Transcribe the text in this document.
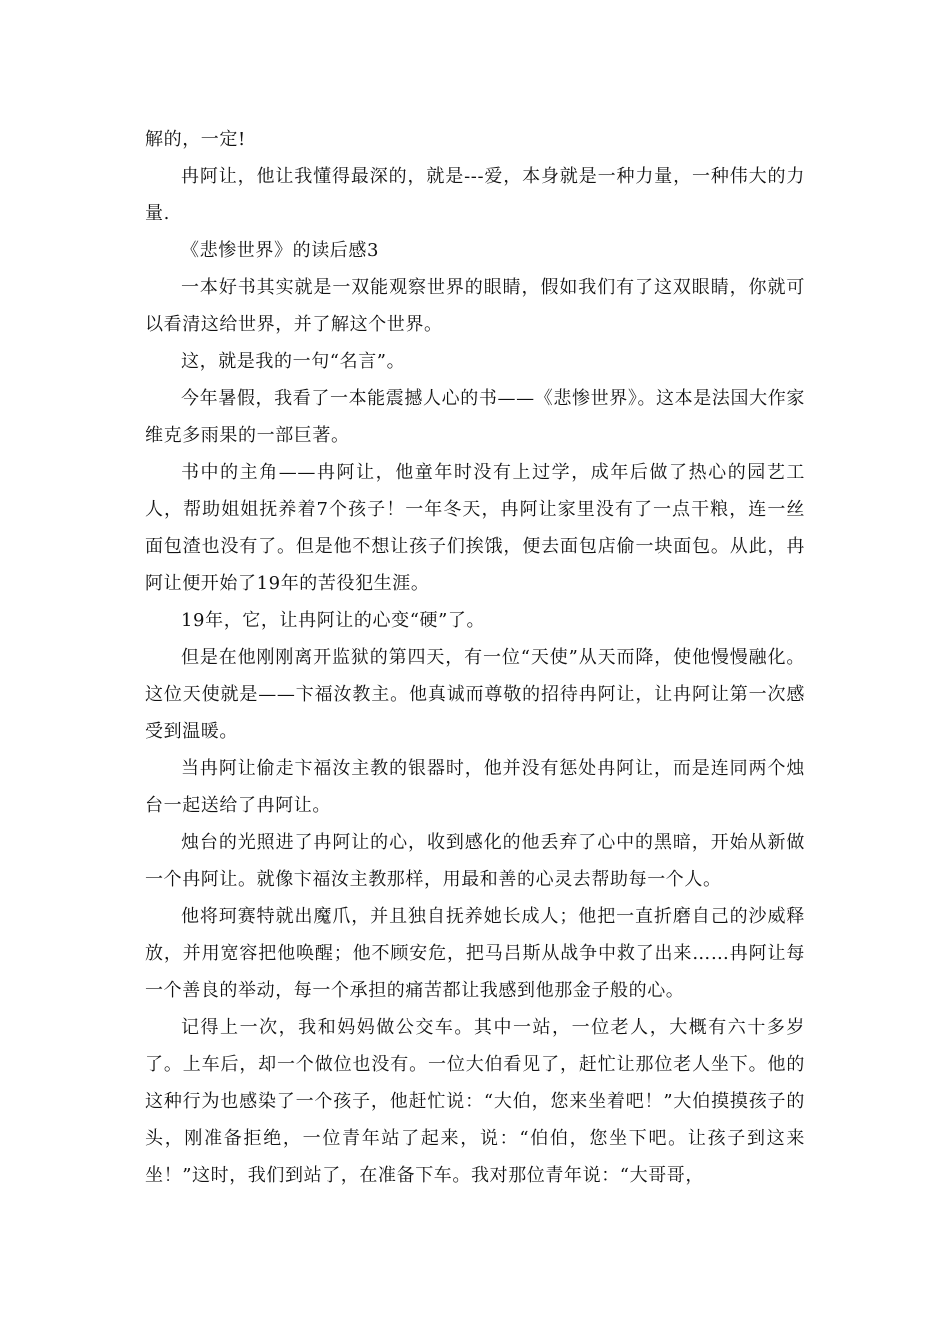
解的，一定!

冉阿让，他让我懂得最深的，就是---爱，本身就是一种力量，一种伟大的力量.

《悲惨世界》的读后感3

一本好书其实就是一双能观察世界的眼睛，假如我们有了这双眼睛，你就可以看清这给世界，并了解这个世界。

这，就是我的一句“名言”。

今年暑假，我看了一本能震撼人心的书——《悲惨世界》。这本是法国大作家维克多雨果的一部巨著。

书中的主角——冉阿让，他童年时没有上过学，成年后做了热心的园艺工人，帮助姐姐抚养着7个孩子！一年冬天，冉阿让家里没有了一点干粮，连一丝面包渣也没有了。但是他不想让孩子们挨饿，便去面包店偷一块面包。从此，冉阿让便开始了19年的苦役犯生涯。

19年，它，让冉阿让的心变“硬”了。

但是在他刚刚离开监狱的第四天，有一位“天使”从天而降，使他慢慢融化。这位天使就是——卞福汝教主。他真诚而尊敬的招待冉阿让，让冉阿让第一次感受到温暖。

当冉阿让偷走卞福汝主教的银器时，他并没有惩处冉阿让，而是连同两个烛台一起送给了冉阿让。

烛台的光照进了冉阿让的心，收到感化的他丢弃了心中的黑暗，开始从新做一个冉阿让。就像卞福汝主教那样，用最和善的心灵去帮助每一个人。

他将珂赛特就出魔爪，并且独自抚养她长成人；他把一直折磨自己的沙威释放，并用宽容把他唤醒；他不顾安危，把马吕斯从战争中救了出来……冉阿让每一个善良的举动，每一个承担的痛苦都让我感到他那金子般的心。

记得上一次，我和妈妈做公交车。其中一站，一位老人，大概有六十多岁了。上车后，却一个做位也没有。一位大伯看见了，赶忙让那位老人坐下。他的这种行为也感染了一个孩子，他赶忙说：“大伯，您来坐着吧！”大伯摸摸孩子的头，刚准备拒绝，一位青年站了起来，说：“伯伯，您坐下吧。让孩子到这来坐！”这时，我们到站了，在准备下车。我对那位青年说：“大哥哥，
